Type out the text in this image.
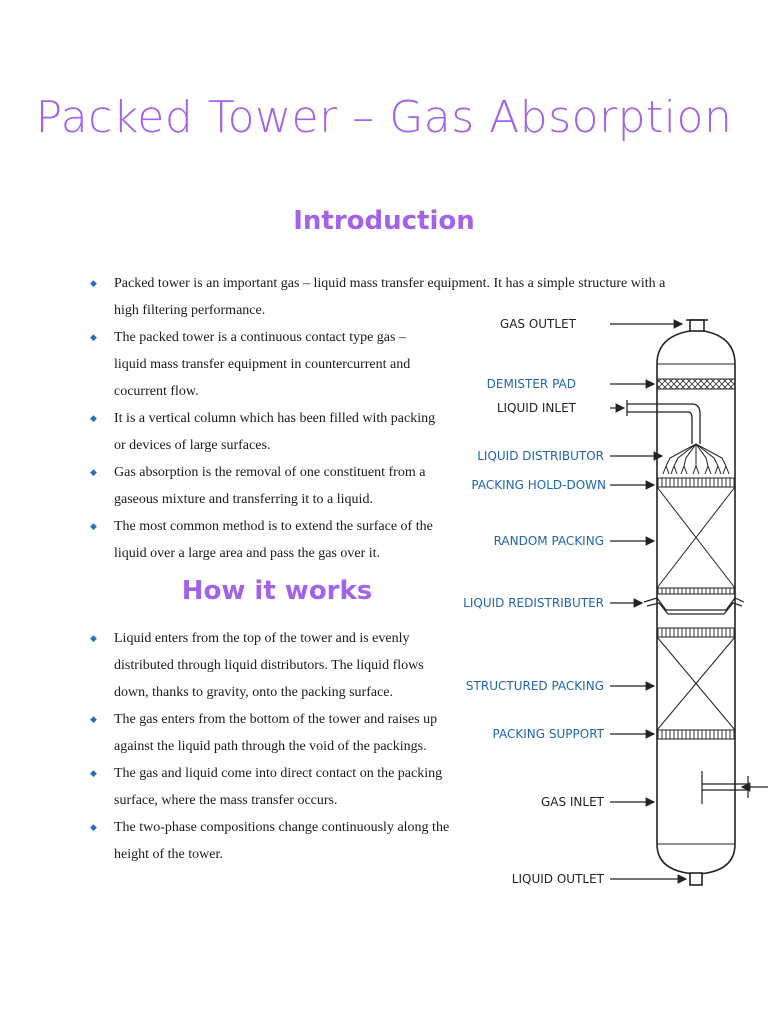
Packed Tower – Gas Absorption
Introduction
◆ Packed tower is an important gas – liquid mass transfer equipment. It has a simple structure with a high filtering performance.
◆ The packed tower is a continuous contact type gas – liquid mass transfer equipment in countercurrent and cocurrent flow.
◆ It is a vertical column which has been filled with packing or devices of large surfaces.
◆ Gas absorption is the removal of one constituent from a gaseous mixture and transferring it to a liquid.
◆ The most common method is to extend the surface of the liquid over a large area and pass the gas over it.
How it works
◆ Liquid enters from the top of the tower and is evenly distributed through liquid distributors. The liquid flows down, thanks to gravity, onto the packing surface.
◆ The gas enters from the bottom of the tower and raises up against the liquid path through the void of the packings.
◆ The gas and liquid come into direct contact on the packing surface, where the mass transfer occurs.
◆ The two-phase compositions change continuously along the height of the tower.
GAS OUTLET
DEMISTER PAD
LIQUID INLET
LIQUID DISTRIBUTOR
PACKING HOLD-DOWN
RANDOM PACKING
LIQUID REDISTRIBUTER
STRUCTURED PACKING
PACKING SUPPORT
GAS INLET
LIQUID OUTLET
